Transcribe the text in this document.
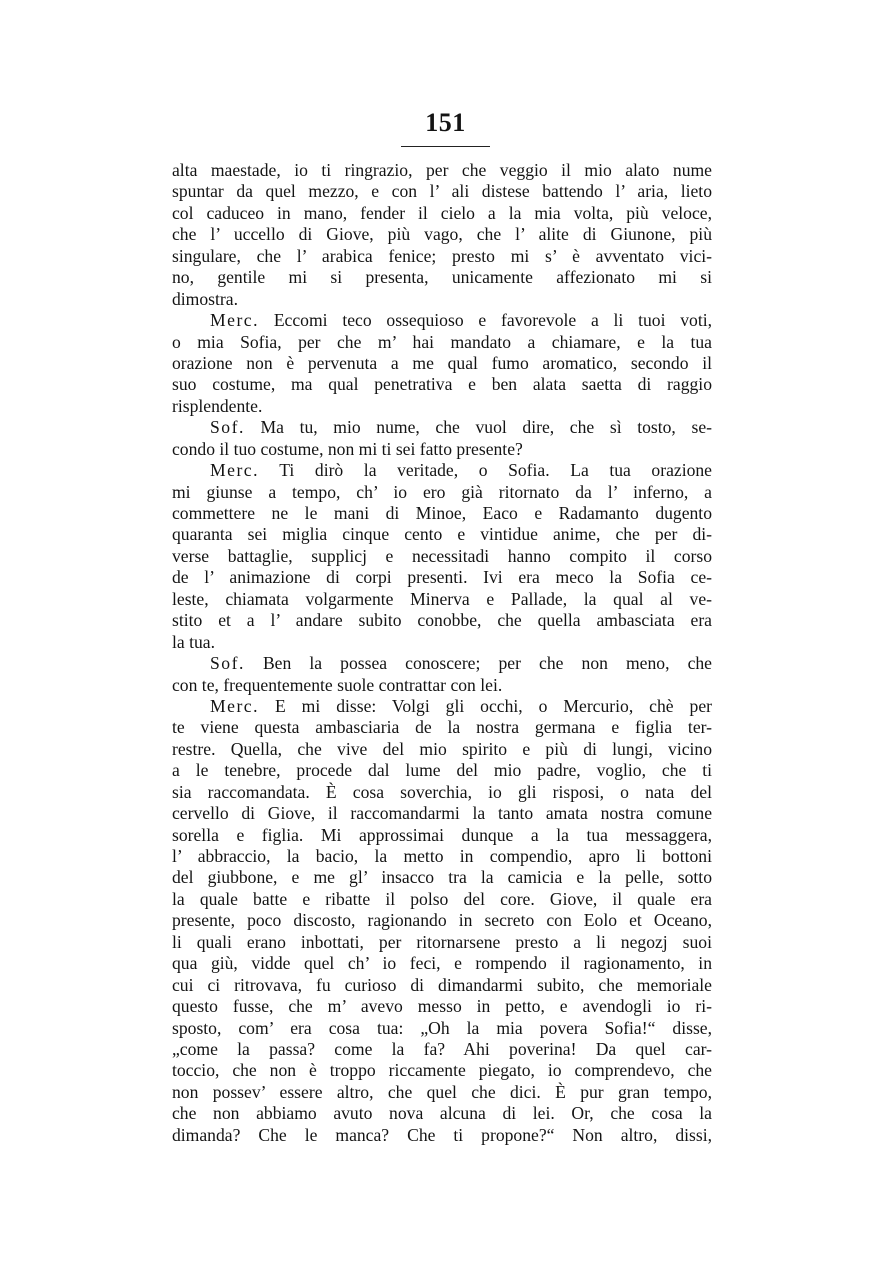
151
alta maestade, io ti ringrazio, per che veggio il mio alato nume
spuntar da quel mezzo, e con l’ ali distese battendo l’ aria, lieto
col caduceo in mano, fender il cielo a la mia volta, più veloce,
che l’ uccello di Giove, più vago, che l’ alite di Giunone, più
singulare, che l’ arabica fenice; presto mi s’ è avventato vici-
no, gentile mi si presenta, unicamente affezionato mi si
dimostra.
Merc. Eccomi teco ossequioso e favorevole a li tuoi voti,
o mia Sofia, per che m’ hai mandato a chiamare, e la tua
orazione non è pervenuta a me qual fumo aromatico, secondo il
suo costume, ma qual penetrativa e ben alata saetta di raggio
risplendente.
Sof. Ma tu, mio nume, che vuol dire, che sì tosto, se-
condo il tuo costume, non mi ti sei fatto presente?
Merc. Ti dirò la veritade, o Sofia. La tua orazione
mi giunse a tempo, ch’ io ero già ritornato da l’ inferno, a
commettere ne le mani di Minoe, Eaco e Radamanto dugento
quaranta sei miglia cinque cento e vintidue anime, che per di-
verse battaglie, supplicj e necessitadi hanno compito il corso
de l’ animazione di corpi presenti. Ivi era meco la Sofia ce-
leste, chiamata volgarmente Minerva e Pallade, la qual al ve-
stito et a l’ andare subito conobbe, che quella ambasciata era
la tua.
Sof. Ben la possea conoscere; per che non meno, che
con te, frequentemente suole contrattar con lei.
Merc. E mi disse: Volgi gli occhi, o Mercurio, chè per
te viene questa ambasciaria de la nostra germana e figlia ter-
restre. Quella, che vive del mio spirito e più di lungi, vicino
a le tenebre, procede dal lume del mio padre, voglio, che ti
sia raccomandata. È cosa soverchia, io gli risposi, o nata del
cervello di Giove, il raccomandarmi la tanto amata nostra comune
sorella e figlia. Mi approssimai dunque a la tua messaggera,
l’ abbraccio, la bacio, la metto in compendio, apro li bottoni
del giubbone, e me gl’ insacco tra la camicia e la pelle, sotto
la quale batte e ribatte il polso del core. Giove, il quale era
presente, poco discosto, ragionando in secreto con Eolo et Oceano,
li quali erano inbottati, per ritornarsene presto a li negozj suoi
qua giù, vidde quel ch’ io feci, e rompendo il ragionamento, in
cui ci ritrovava, fu curioso di dimandarmi subito, che memoriale
questo fusse, che m’ avevo messo in petto, e avendogli io ri-
sposto, com’ era cosa tua: „Oh la mia povera Sofia!“ disse,
„come la passa? come la fa? Ahi poverina! Da quel car-
toccio, che non è troppo riccamente piegato, io comprendevo, che
non possev’ essere altro, che quel che dici. È pur gran tempo,
che non abbiamo avuto nova alcuna di lei. Or, che cosa la
dimanda? Che le manca? Che ti propone?“ Non altro, dissi,
